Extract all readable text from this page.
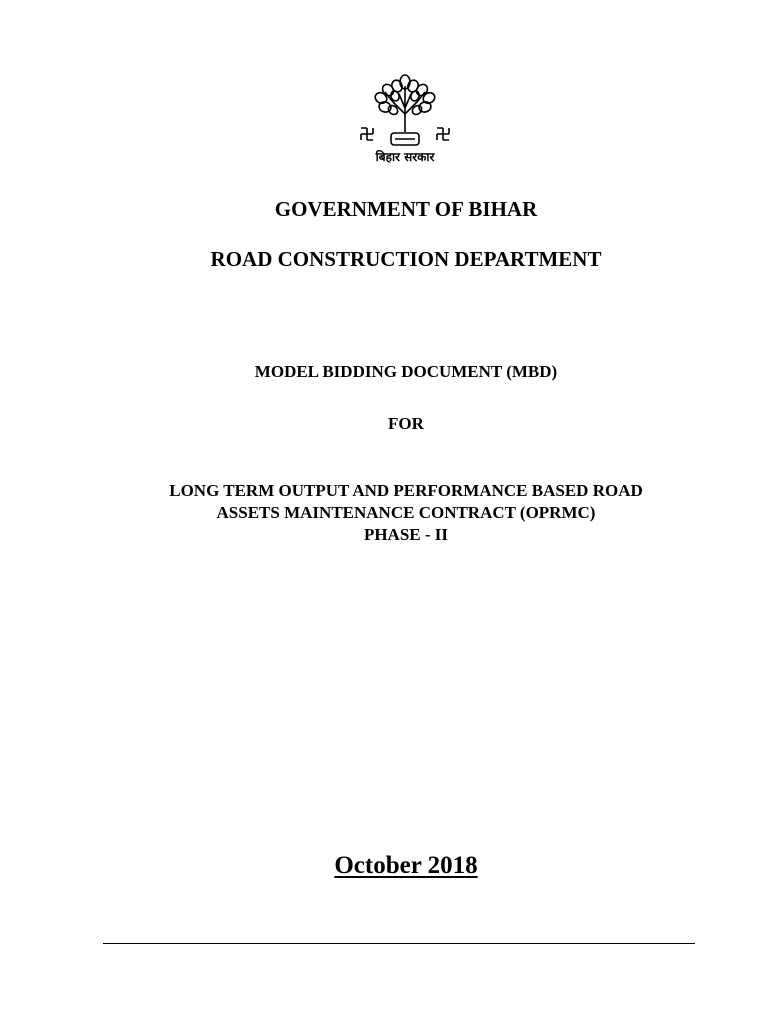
बिहार सरकार

GOVERNMENT OF BIHAR

ROAD CONSTRUCTION DEPARTMENT

MODEL BIDDING DOCUMENT (MBD)

FOR

LONG TERM OUTPUT AND PERFORMANCE BASED ROAD

ASSETS MAINTENANCE CONTRACT (OPRMC)

PHASE - II

October 2018
